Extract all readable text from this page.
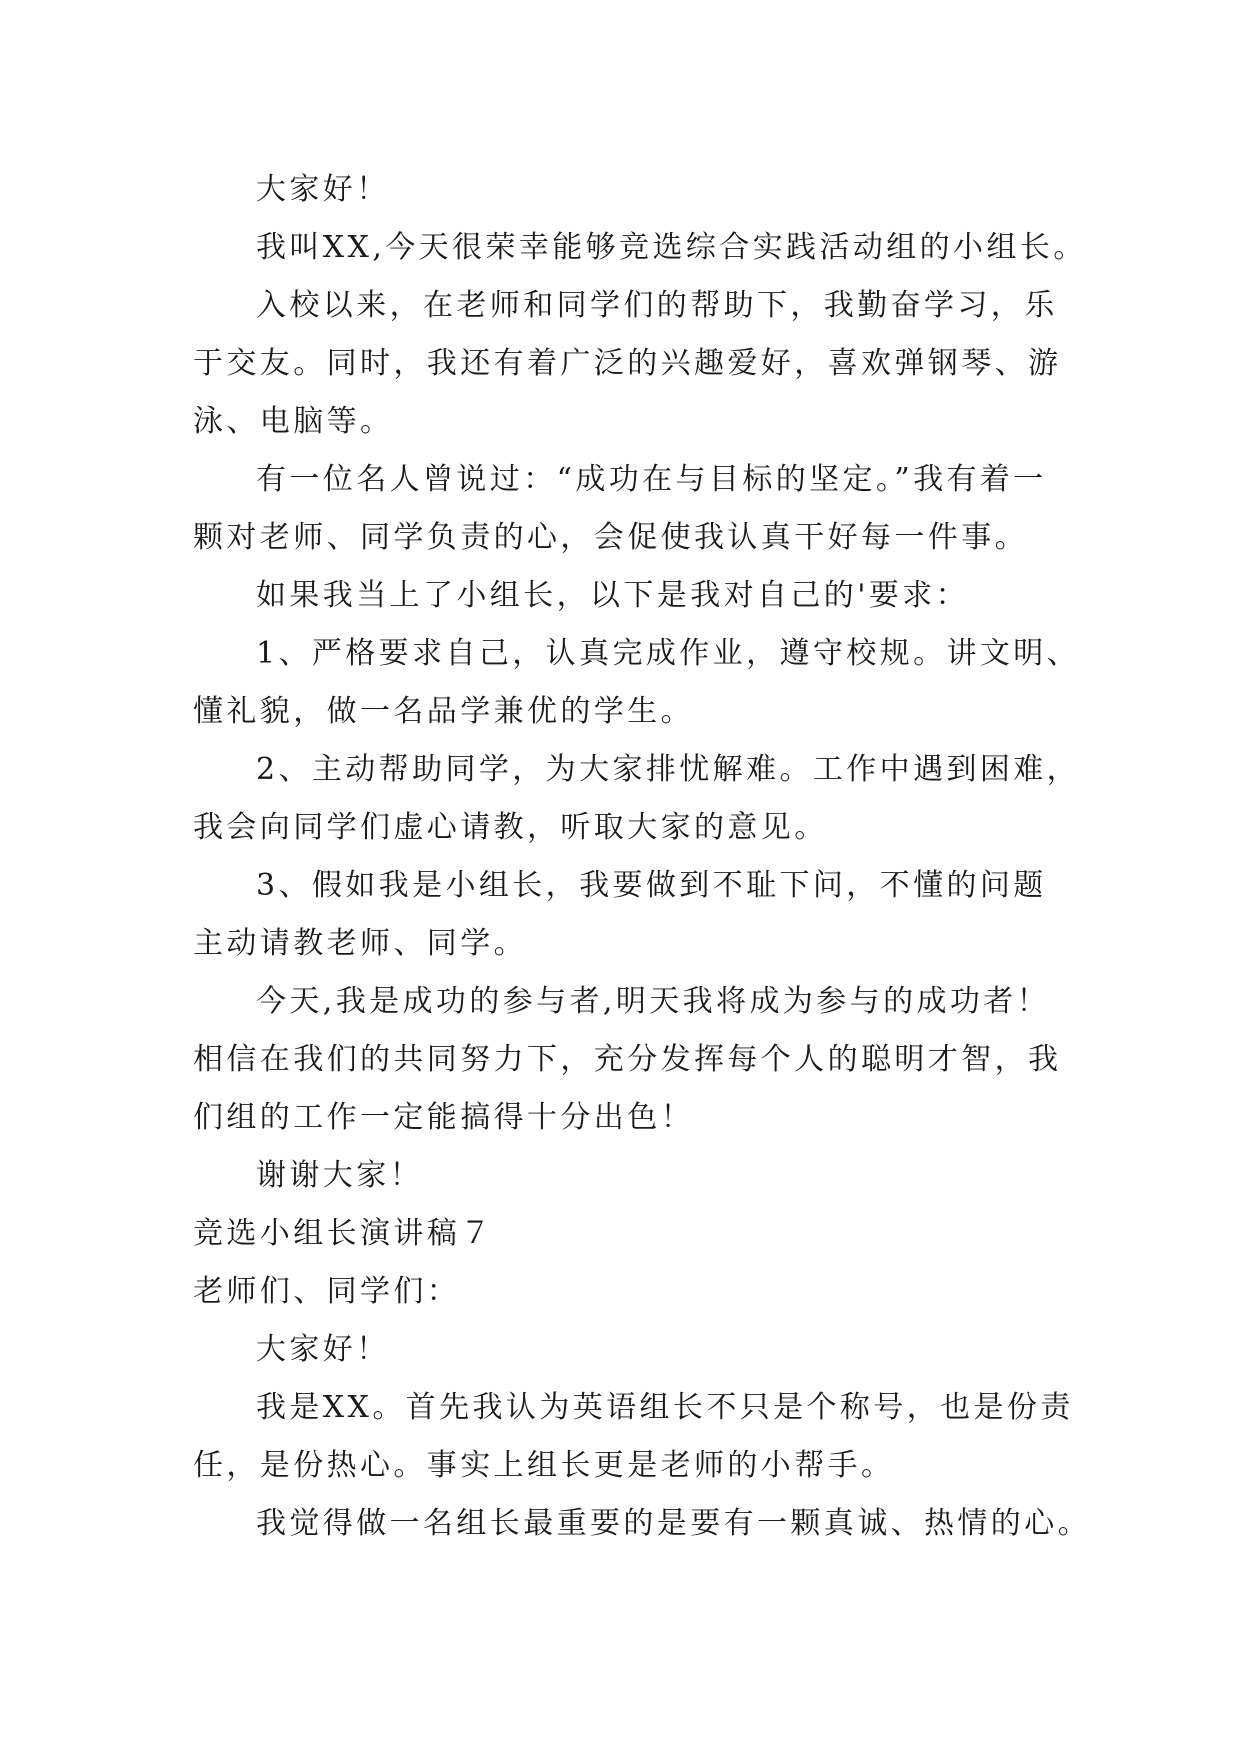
大家好！
我叫XX,今天很荣幸能够竞选综合实践活动组的小组长。
入校以来，在老师和同学们的帮助下，我勤奋学习，乐
于交友。同时，我还有着广泛的兴趣爱好，喜欢弹钢琴、游
泳、电脑等。
有一位名人曾说过：“成功在与目标的坚定。”我有着一
颗对老师、同学负责的心，会促使我认真干好每一件事。
如果我当上了小组长，以下是我对自己的'要求：
1、严格要求自己，认真完成作业，遵守校规。讲文明、
懂礼貌，做一名品学兼优的学生。
2、主动帮助同学，为大家排忧解难。工作中遇到困难，
我会向同学们虚心请教，听取大家的意见。
3、假如我是小组长，我要做到不耻下问，不懂的问题
主动请教老师、同学。
今天,我是成功的参与者,明天我将成为参与的成功者！
相信在我们的共同努力下，充分发挥每个人的聪明才智，我
们组的工作一定能搞得十分出色！
谢谢大家！
竞选小组长演讲稿７
老师们、同学们：
大家好！
我是XX。首先我认为英语组长不只是个称号，也是份责
任，是份热心。事实上组长更是老师的小帮手。
我觉得做一名组长最重要的是要有一颗真诚、热情的心。
